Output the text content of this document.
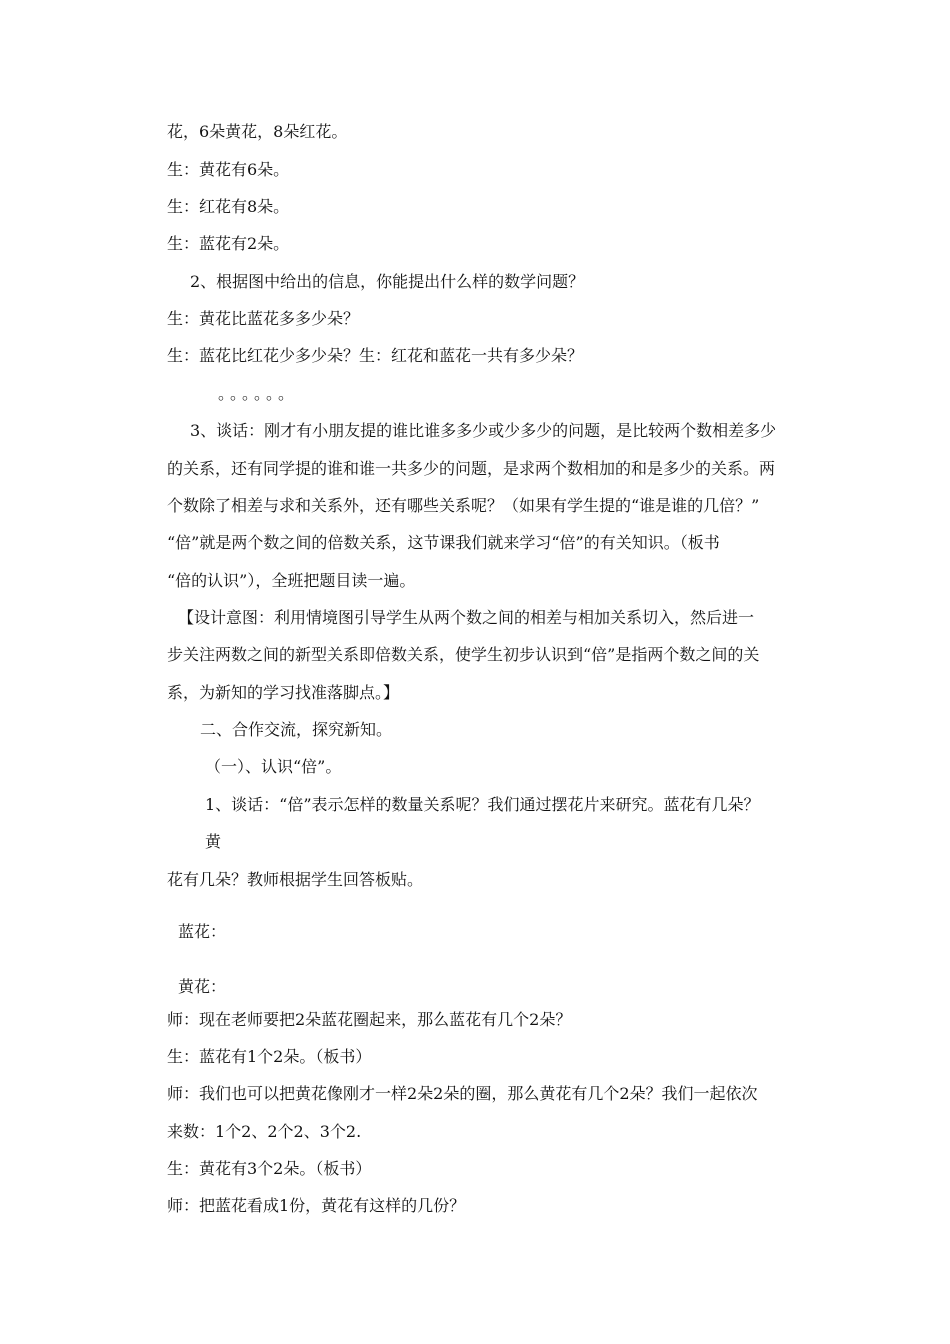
花，6朵黄花，8朵红花。
生：黄花有6朵。
生：红花有8朵。
生：蓝花有2朵。
2、根据图中给出的信息，你能提出什么样的数学问题？
生：黄花比蓝花多多少朵？
生：蓝花比红花少多少朵？生：红花和蓝花一共有多少朵？
。。。。。。
3、谈话：刚才有小朋友提的谁比谁多多少或少多少的问题，是比较两个数相差多少
的关系，还有同学提的谁和谁一共多少的问题，是求两个数相加的和是多少的关系。两
个数除了相差与求和关系外，还有哪些关系呢？（如果有学生提的“谁是谁的几倍？”
“倍”就是两个数之间的倍数关系，这节课我们就来学习“倍”的有关知识。（板书
“倍的认识”），全班把题目读一遍。
【设计意图：利用情境图引导学生从两个数之间的相差与相加关系切入，然后进一
步关注两数之间的新型关系即倍数关系，使学生初步认识到“倍”是指两个数之间的关
系，为新知的学习找准落脚点。】
二、合作交流，探究新知。
（一）、认识“倍”。
1、谈话：“倍”表示怎样的数量关系呢？我们通过摆花片来研究。蓝花有几朵？
黄
花有几朵？教师根据学生回答板贴。
蓝花：
黄花：
师：现在老师要把2朵蓝花圈起来，那么蓝花有几个2朵？
生：蓝花有1个2朵。（板书）
师：我们也可以把黄花像刚才一样2朵2朵的圈，那么黄花有几个2朵？我们一起依次
来数：1个2、2个2、3个2.
生：黄花有3个2朵。（板书）
师：把蓝花看成1份，黄花有这样的几份？
